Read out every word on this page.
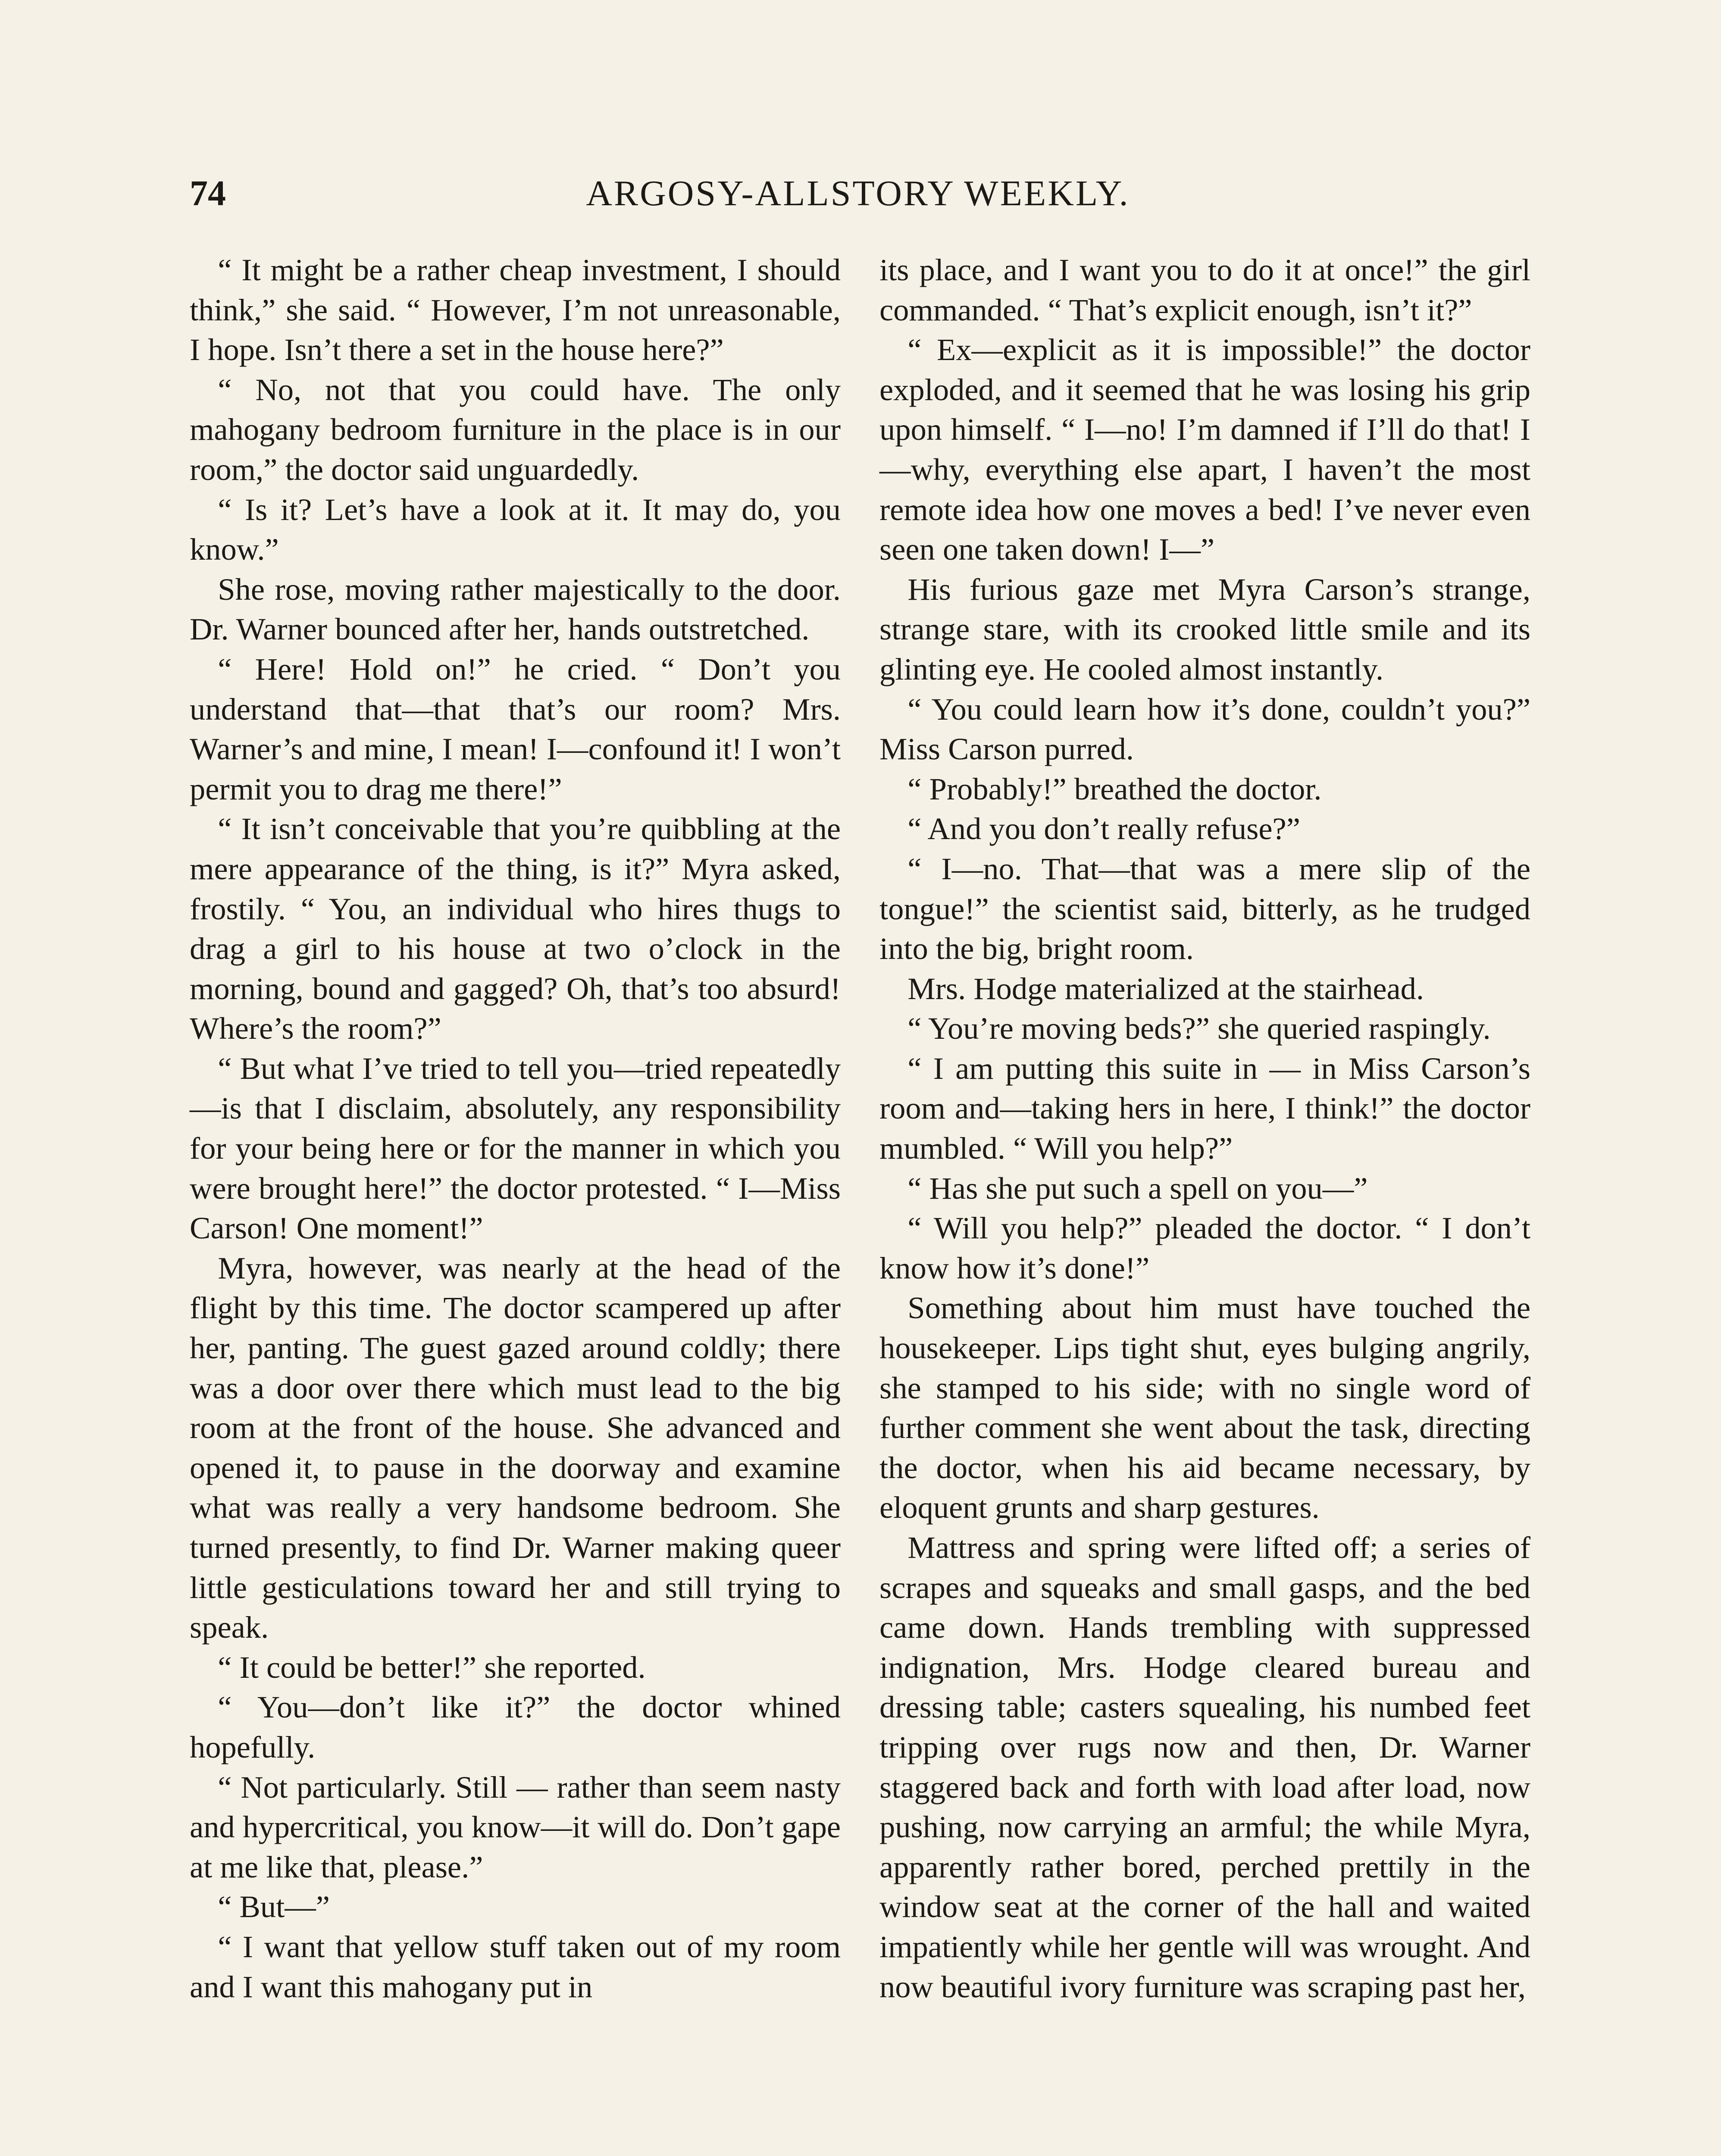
74	ARGOSY-ALLSTORY WEEKLY.

“ It might be a rather cheap investment, I should think,” she said. “ However, I’m not unreasonable, I hope. Isn’t there a set in the house here?”

“ No, not that you could have. The only mahogany bedroom furniture in the place is in our room,” the doctor said unguardedly.

“ Is it? Let’s have a look at it. It may do, you know.”

She rose, moving rather majestically to the door. Dr. Warner bounced after her, hands outstretched.

“ Here! Hold on!” he cried. “ Don’t you understand that—that that’s our room? Mrs. Warner’s and mine, I mean! I—confound it! I won’t permit you to drag me there!”

“ It isn’t conceivable that you’re quibbling at the mere appearance of the thing, is it?” Myra asked, frostily. “ You, an individual who hires thugs to drag a girl to his house at two o’clock in the morning, bound and gagged? Oh, that’s too absurd! Where’s the room?”

“ But what I’ve tried to tell you—tried repeatedly—is that I disclaim, absolutely, any responsibility for your being here or for the manner in which you were brought here!” the doctor protested. “ I—Miss Carson! One moment!”

Myra, however, was nearly at the head of the flight by this time. The doctor scampered up after her, panting. The guest gazed around coldly; there was a door over there which must lead to the big room at the front of the house. She advanced and opened it, to pause in the doorway and examine what was really a very handsome bedroom. She turned presently, to find Dr. Warner making queer little gesticulations toward her and still trying to speak.

“ It could be better!” she reported.

“ You—don’t like it?” the doctor whined hopefully.

“ Not particularly. Still — rather than seem nasty and hypercritical, you know—it will do. Don’t gape at me like that, please.”

“ But—”

“ I want that yellow stuff taken out of my room and I want this mahogany put in

its place, and I want you to do it at once!” the girl commanded. “ That’s explicit enough, isn’t it?”

“ Ex—explicit as it is impossible!” the doctor exploded, and it seemed that he was losing his grip upon himself. “ I—no! I’m damned if I’ll do that! I—why, everything else apart, I haven’t the most remote idea how one moves a bed! I’ve never even seen one taken down! I—”

His furious gaze met Myra Carson’s strange, strange stare, with its crooked little smile and its glinting eye. He cooled almost instantly.

“ You could learn how it’s done, couldn’t you?” Miss Carson purred.

“ Probably!” breathed the doctor.

“ And you don’t really refuse?”

“ I—no. That—that was a mere slip of the tongue!” the scientist said, bitterly, as he trudged into the big, bright room.

Mrs. Hodge materialized at the stairhead.

“ You’re moving beds?” she queried raspingly.

“ I am putting this suite in — in Miss Carson’s room and—taking hers in here, I think!” the doctor mumbled. “ Will you help?”

“ Has she put such a spell on you—”

“ Will you help?” pleaded the doctor. “ I don’t know how it’s done!”

Something about him must have touched the housekeeper. Lips tight shut, eyes bulging angrily, she stamped to his side; with no single word of further comment she went about the task, directing the doctor, when his aid became necessary, by eloquent grunts and sharp gestures.

Mattress and spring were lifted off; a series of scrapes and squeaks and small gasps, and the bed came down. Hands trembling with suppressed indignation, Mrs. Hodge cleared bureau and dressing table; casters squealing, his numbed feet tripping over rugs now and then, Dr. Warner staggered back and forth with load after load, now pushing, now carrying an armful; the while Myra, apparently rather bored, perched prettily in the window seat at the corner of the hall and waited impatiently while her gentle will was wrought. And now beautiful ivory furniture was scraping past her,
